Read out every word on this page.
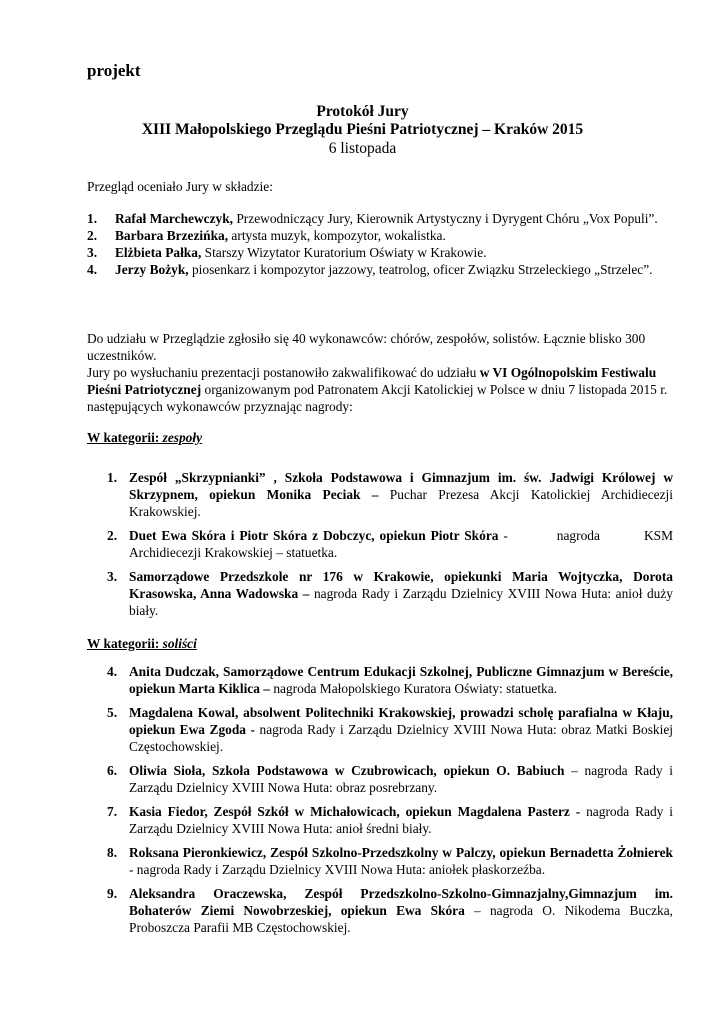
projekt
Protokół Jury
XIII Małopolskiego Przeglądu Pieśni Patriotycznej – Kraków 2015
6 listopada
Przegląd oceniało Jury w składzie:
1. Rafał Marchewczyk, Przewodniczący Jury, Kierownik Artystyczny i Dyrygent Chóru „Vox Populi”.
2. Barbara Brzezińka, artysta muzyk, kompozytor, wokalistka.
3. Elżbieta Pałka, Starszy Wizytator Kuratorium Oświaty w Krakowie.
4. Jerzy Bożyk, piosenkarz i kompozytor jazzowy, teatrolog, oficer Związku Strzeleckiego „Strzelec”.
Do udziału w Przeglądzie zgłosiło się 40 wykonawców: chórów, zespołów, solistów. Łącznie blisko 300 uczestników.
Jury po wysłuchaniu prezentacji postanowiło zakwalifikować do udziału w VI Ogólnopolskim Festiwalu Pieśni Patriotycznej organizowanym pod Patronatem Akcji Katolickiej w Polsce w dniu 7 listopada 2015 r. następujących wykonawców przyznając nagrody:
W kategorii: zespoły
1. Zespół „Skrzypnianki” , Szkoła Podstawowa i Gimnazjum im. św. Jadwigi Królowej w Skrzypnem, opiekun Monika Peciak – Puchar Prezesa Akcji Katolickiej Archidiecezji Krakowskiej.
2. Duet Ewa Skóra i Piotr Skóra z Dobczyc, opiekun Piotr Skóra -          nagroda         KSM Archidiecezji Krakowskiej – statuetka.
3. Samorządowe Przedszkole nr 176 w Krakowie, opiekunki Maria Wojtyczka, Dorota Krasowska, Anna Wadowska – nagroda Rady i Zarządu Dzielnicy XVIII Nowa Huta: anioł duży biały.
W kategorii: soliści
4. Anita Dudczak, Samorządowe Centrum Edukacji Szkolnej, Publiczne Gimnazjum w Bereście, opiekun Marta Kiklica – nagroda Małopolskiego Kuratora Oświaty: statuetka.
5. Magdalena Kowal, absolwent Politechniki Krakowskiej, prowadzi scholę parafialna w Kłaju, opiekun Ewa Zgoda - nagroda Rady i Zarządu Dzielnicy XVIII Nowa Huta: obraz Matki Boskiej Częstochowskiej.
6. Oliwia Sioła, Szkoła Podstawowa w Czubrowicach, opiekun O. Babiuch – nagroda Rady i Zarządu Dzielnicy XVIII Nowa Huta: obraz posrebrzany.
7. Kasia Fiedor, Zespół Szkół w Michałowicach, opiekun Magdalena Pasterz - nagroda Rady i Zarządu Dzielnicy XVIII Nowa Huta: anioł średni biały.
8. Roksana Pieronkiewicz, Zespół Szkolno-Przedszkolny w Palczy, opiekun Bernadetta Żołnierek - nagroda Rady i Zarządu Dzielnicy XVIII Nowa Huta: aniołek płaskorzeźba.
9. Aleksandra Oraczewska, Zespół Przedszkolno-Szkolno-Gimnazjalny,Gimnazjum im. Bohaterów Ziemi Nowobrzeskiej, opiekun Ewa Skóra – nagroda O. Nikodema Buczka, Proboszcza Parafii MB Częstochowskiej.
